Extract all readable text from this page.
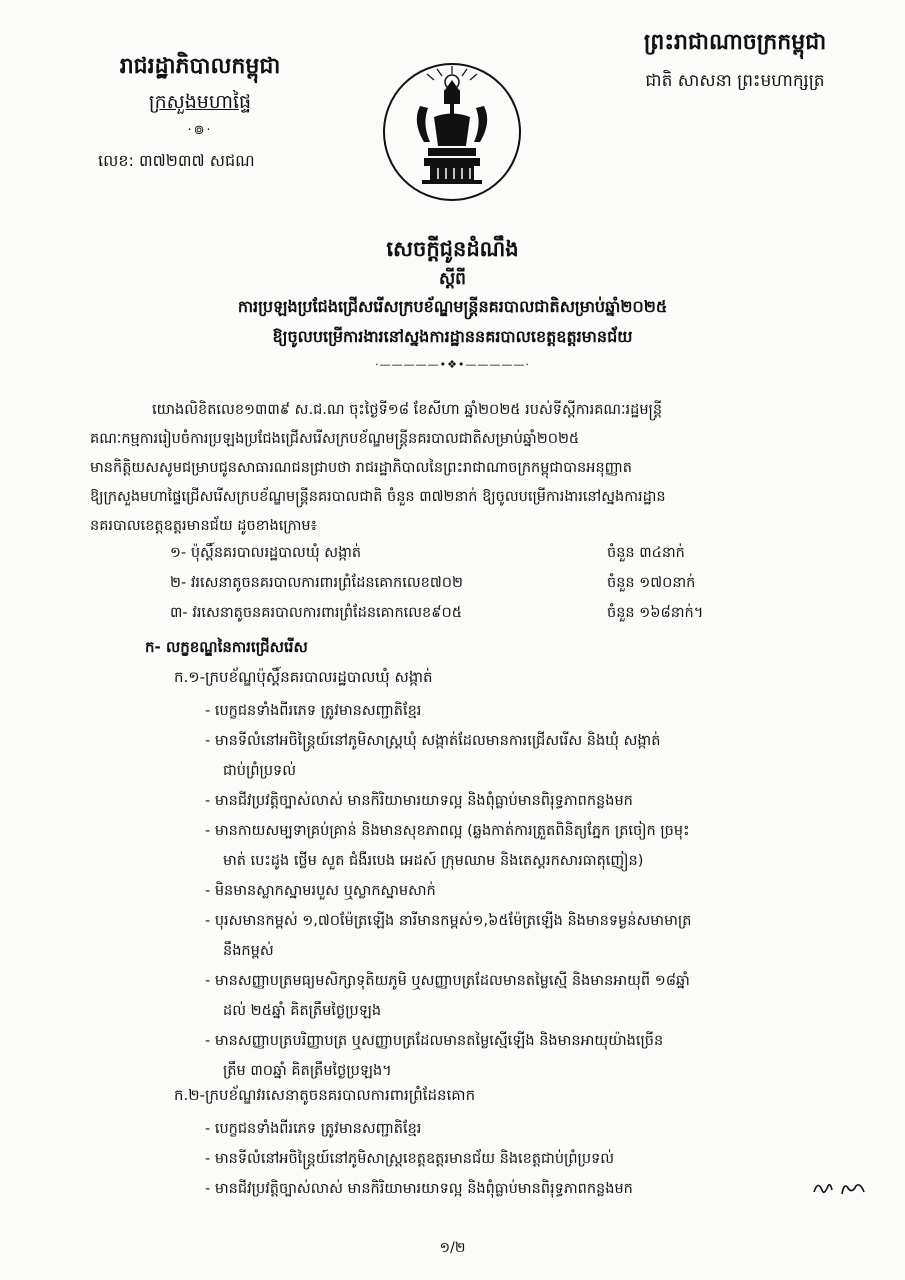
រាជរដ្ឋាភិបាលកម្ពុជា
ក្រសួងមហាផ្ទៃ
·៙·
លេខ: ៣៧២៣៧ សជណ
ព្រះរាជាណាចក្រកម្ពុជា
ជាតិ សាសនា ព្រះមហាក្សត្រ
សេចក្តីជូនដំណឹង
ស្តីពី
ការប្រឡងប្រជែងជ្រើសរើសក្របខ័ណ្ឌមន្ត្រីនគរបាលជាតិសម្រាប់ឆ្នាំ២០២៥
ឱ្យចូលបម្រើការងារនៅស្នងការដ្ឋាននគរបាលខេត្តឧត្តរមានជ័យ
·—————•❖•—————·
យោងលិខិតលេខ១៣៣៩ ស.ជ.ណ ចុះថ្ងៃទី១៨ ខែសីហា ឆ្នាំ២០២៥ របស់ទីស្តីការគណៈរដ្ឋមន្ត្រី
គណៈកម្មការរៀបចំការប្រឡងប្រជែងជ្រើសរើសក្របខ័ណ្ឌមន្ត្រីនគរបាលជាតិសម្រាប់ឆ្នាំ២០២៥
មានកិត្តិយសសូមជម្រាបជូនសាធារណជនជ្រាបថា រាជរដ្ឋាភិបាលនៃព្រះរាជាណាចក្រកម្ពុជាបានអនុញ្ញាត
ឱ្យក្រសួងមហាផ្ទៃជ្រើសរើសក្របខ័ណ្ឌមន្ត្រីនគរបាលជាតិ ចំនួន ៣៧២នាក់ ឱ្យចូលបម្រើការងារនៅស្នងការដ្ឋាន
នគរបាលខេត្តឧត្តរមានជ័យ ដូចខាងក្រោម៖
១- ប៉ុស្តិ៍នគរបាលរដ្ឋបាលឃុំ សង្កាត់	ចំនួន ៣៤នាក់
២- វរសេនាតូចនគរបាលការពារព្រំដែនគោកលេខ៧០២	ចំនួន ១៧០នាក់
៣- វរសេនាតូចនគរបាលការពារព្រំដែនគោកលេខ៩០៥	ចំនួន ១៦៨នាក់។
ក- លក្ខខណ្ឌនៃការជ្រើសរើស
ក.១-ក្របខ័ណ្ឌប៉ុស្តិ៍នគរបាលរដ្ឋបាលឃុំ សង្កាត់
- បេក្ខជនទាំងពីរភេទ ត្រូវមានសញ្ជាតិខ្មែរ
- មានទីលំនៅអចិន្ត្រៃយ៍នៅភូមិសាស្ត្រឃុំ សង្កាត់ដែលមានការជ្រើសរើស និងឃុំ សង្កាត់
ជាប់ព្រំប្រទល់
- មានជីវប្រវត្តិច្បាស់លាស់ មានកិរិយាមារយាទល្អ និងពុំធ្លាប់មានពិរុទ្ធភាពកន្លងមក
- មានកាយសម្បទាគ្រប់គ្រាន់ និងមានសុខភាពល្អ (ឆ្លងកាត់ការត្រួតពិនិត្យភ្នែក ត្រចៀក ច្រមុះ
មាត់ បេះដូង ថ្លើម សួត ជំងឺរបេង អេដស៍ ក្រុមឈាម និងតេស្តរកសារធាតុញៀន)
- មិនមានស្លាកស្នាមរបួស ឬស្លាកស្នាមសាក់
- បុរសមានកម្ពស់ ១,៧០ម៉ែត្រឡើង នារីមានកម្ពស់១,៦៥ម៉ែត្រឡើង និងមានទម្ងន់សមាមាត្រ
នឹងកម្ពស់
- មានសញ្ញាបត្រមធ្យមសិក្សាទុតិយភូមិ ឬសញ្ញាបត្រដែលមានតម្លៃស្មើ និងមានអាយុពី ១៨ឆ្នាំ
ដល់ ២៥ឆ្នាំ គិតត្រឹមថ្ងៃប្រឡង
- មានសញ្ញាបត្របរិញ្ញាបត្រ ឬសញ្ញាបត្រដែលមានតម្លៃស្មើឡើង និងមានអាយុយ៉ាងច្រើន
ត្រឹម ៣០ឆ្នាំ គិតត្រឹមថ្ងៃប្រឡង។
ក.២-ក្របខ័ណ្ឌវរសេនាតូចនគរបាលការពារព្រំដែនគោក
- បេក្ខជនទាំងពីរភេទ ត្រូវមានសញ្ជាតិខ្មែរ
- មានទីលំនៅអចិន្ត្រៃយ៍នៅភូមិសាស្ត្រខេត្តឧត្តរមានជ័យ និងខេត្តជាប់ព្រំប្រទល់
- មានជីវប្រវត្តិច្បាស់លាស់ មានកិរិយាមារយាទល្អ និងពុំធ្លាប់មានពិរុទ្ធភាពកន្លងមក
១/២
